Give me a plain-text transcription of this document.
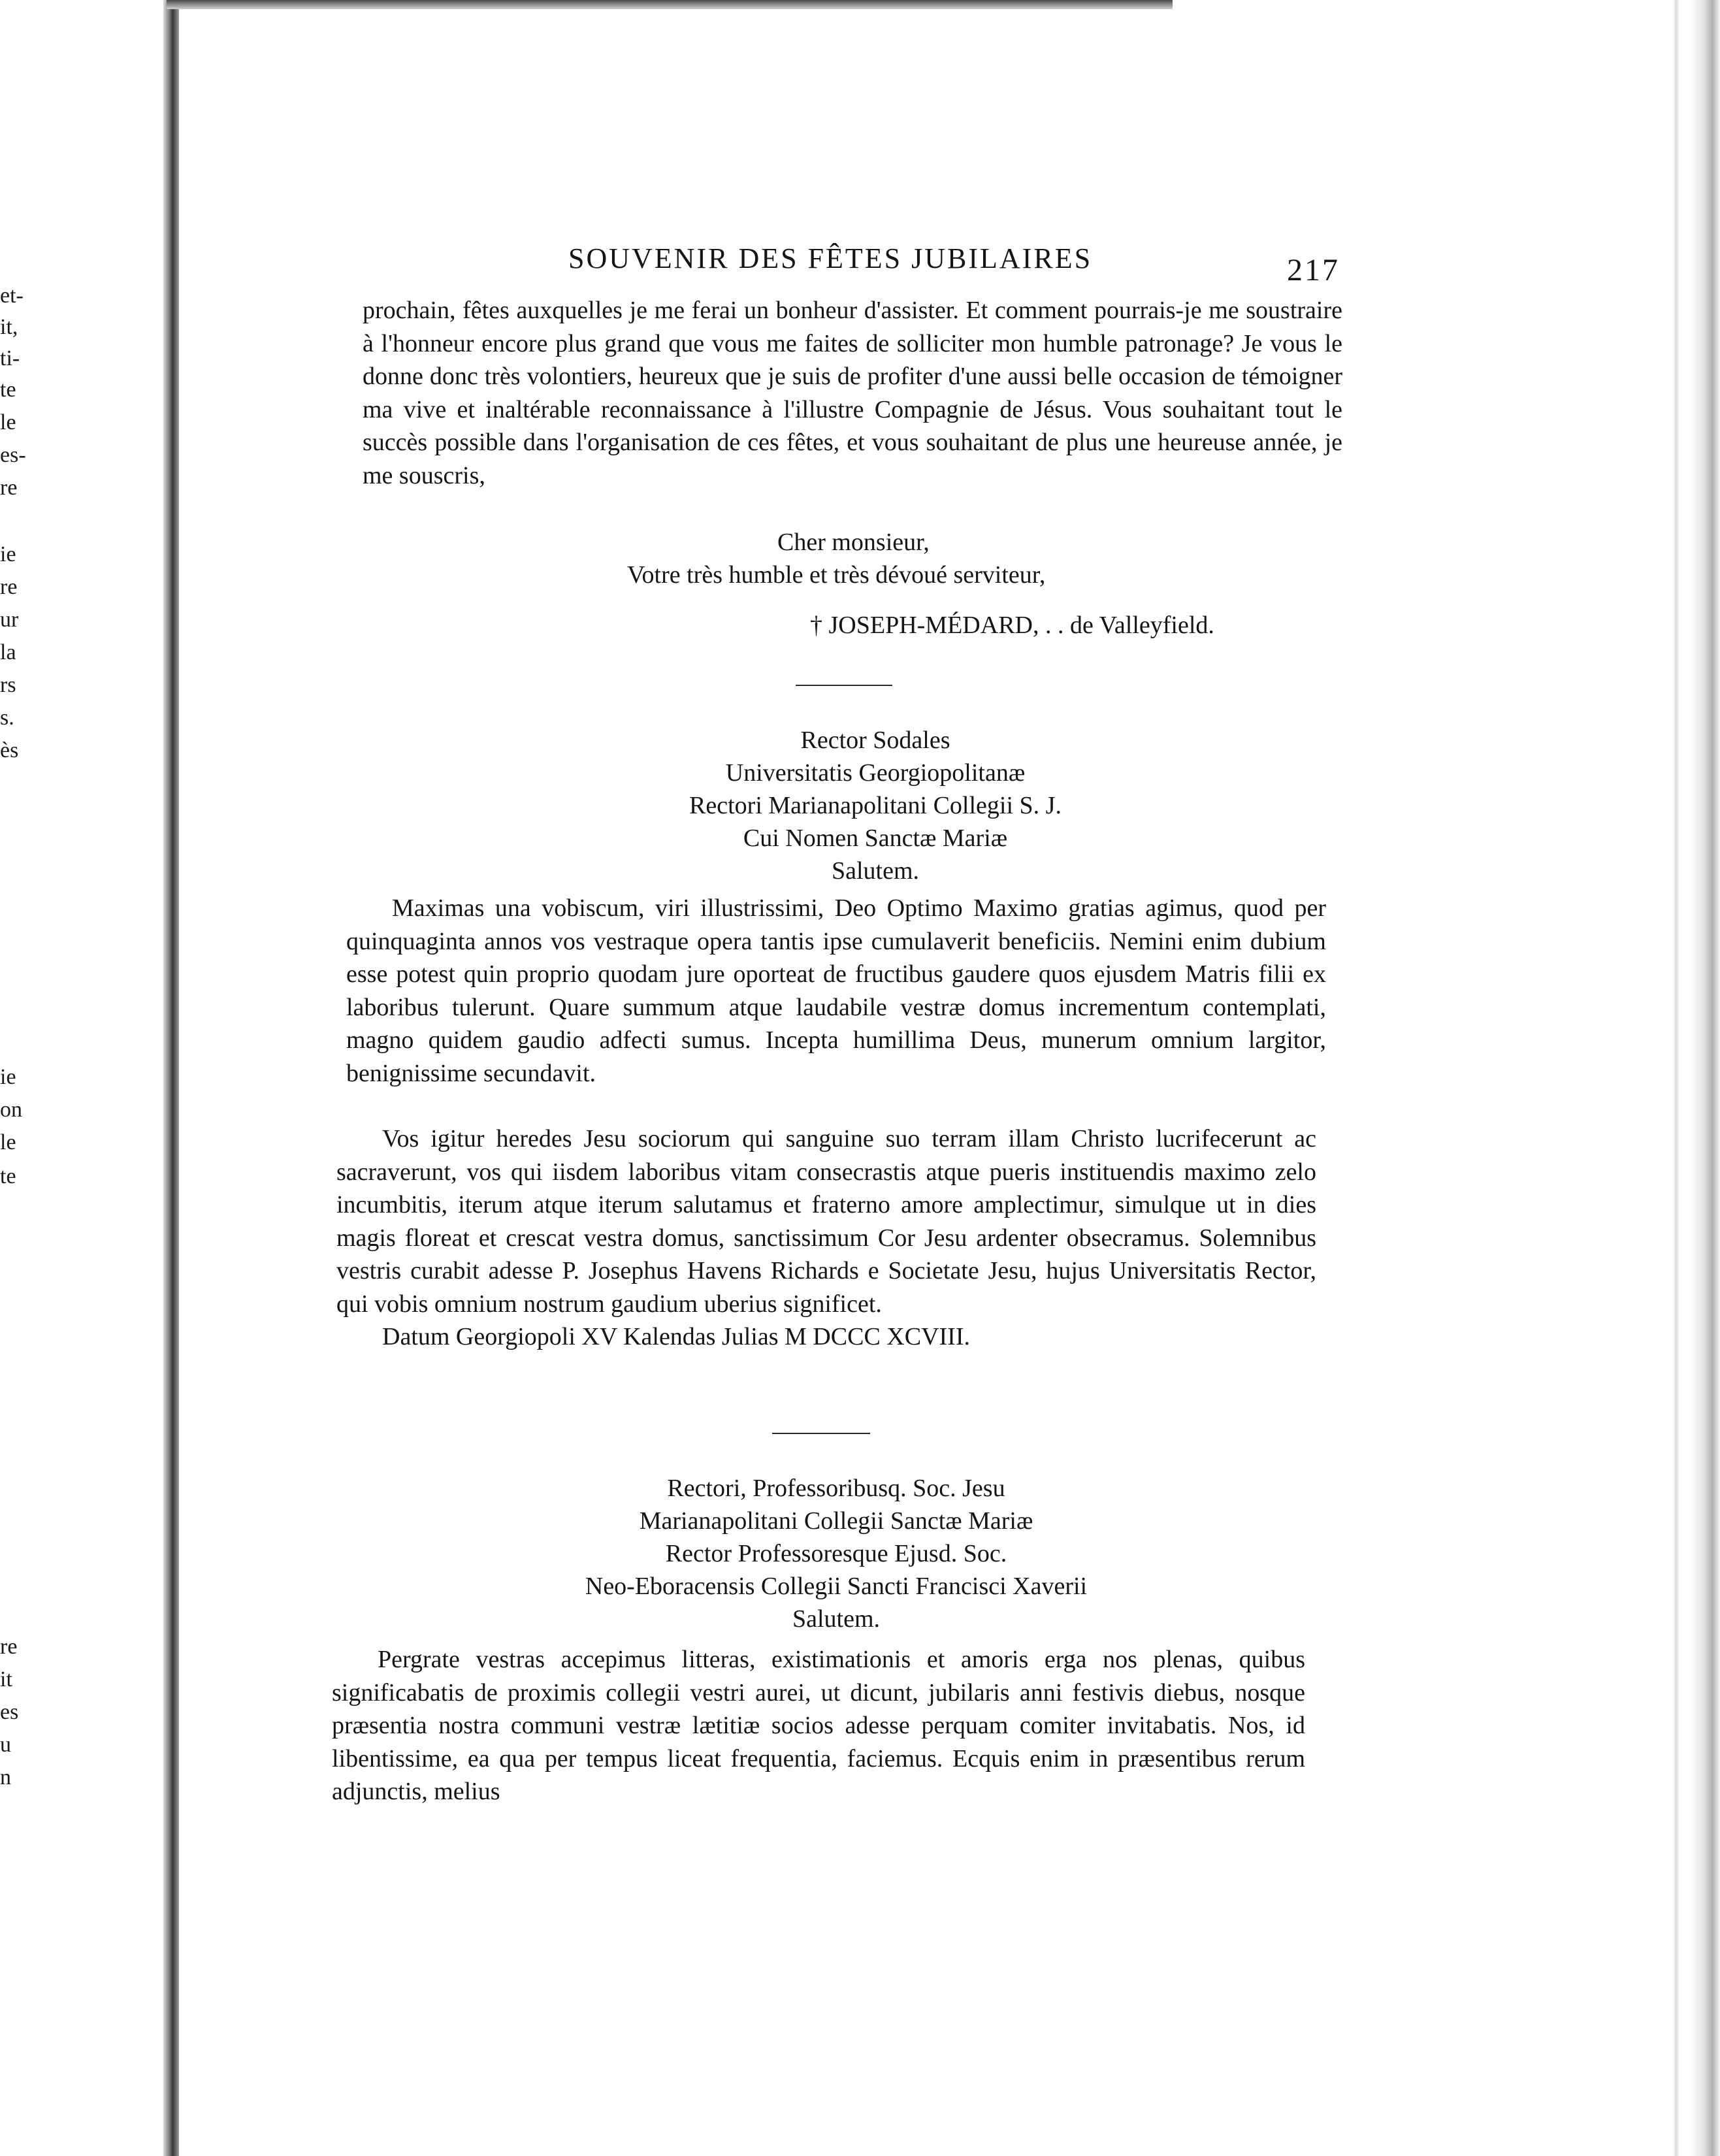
et-
it,
ti-
te
le
es-
re
ie
re
ur
la
rs
s.
ès
ie
on
le
te
re
it
es
u
n
SOUVENIR DES FÊTES JUBILAIRES	217

prochain, fêtes auxquelles je me ferai un bonheur d'assister. Et comment pourrais-je me soustraire à l'honneur encore plus grand que vous me faites de solliciter mon humble patronage? Je vous le donne donc très volontiers, heureux que je suis de profiter d'une aussi belle occasion de témoigner ma vive et inaltérable reconnaissance à l'illustre Compagnie de Jésus. Vous souhaitant tout le succès possible dans l'organisation de ces fêtes, et vous souhaitant de plus une heureuse année, je me souscris,

Cher monsieur,
Votre très humble et très dévoué serviteur,
† JOSEPH-MÉDARD, . . de Valleyfield.
Rector Sodales
Universitatis Georgiopolitanæ
Rectori Marianapolitani Collegii S. J.
Cui Nomen Sanctæ Mariæ
Salutem.

Maximas una vobiscum, viri illustrissimi, Deo Optimo Maximo gratias agimus, quod per quinquaginta annos vos vestraque opera tantis ipse cumulaverit beneficiis. Nemini enim dubium esse potest quin proprio quodam jure oporteat de fructibus gaudere quos ejusdem Matris filii ex laboribus tulerunt. Quare summum atque laudabile vestræ domus incrementum contemplati, magno quidem gaudio adfecti sumus. Incepta humillima Deus, munerum omnium largitor, benignissime secundavit.

Vos igitur heredes Jesu sociorum qui sanguine suo terram illam Christo lucrifecerunt ac sacraverunt, vos qui iisdem laboribus vitam consecrastis atque pueris instituendis maximo zelo incumbitis, iterum atque iterum salutamus et fraterno amore amplectimur, simulque ut in dies magis floreat et crescat vestra domus, sanctissimum Cor Jesu ardenter obsecramus. Solemnibus vestris curabit adesse P. Josephus Havens Richards e Societate Jesu, hujus Universitatis Rector, qui vobis omnium nostrum gaudium uberius significet.
Datum Georgiopoli XV Kalendas Julias M DCCC XCVIII.
Rectori, Professoribusq. Soc. Jesu
Marianapolitani Collegii Sanctæ Mariæ
Rector Professoresque Ejusd. Soc.
Neo-Eboracensis Collegii Sancti Francisci Xaverii
Salutem.

Pergrate vestras accepimus litteras, existimationis et amoris erga nos plenas, quibus significabatis de proximis collegii vestri aurei, ut dicunt, jubilaris anni festivis diebus, nosque præsentia nostra communi vestræ lætitiæ socios adesse perquam comiter invitabatis. Nos, id libentissime, ea qua per tempus liceat frequentia, faciemus. Ecquis enim in præsentibus rerum adjunctis, melius
